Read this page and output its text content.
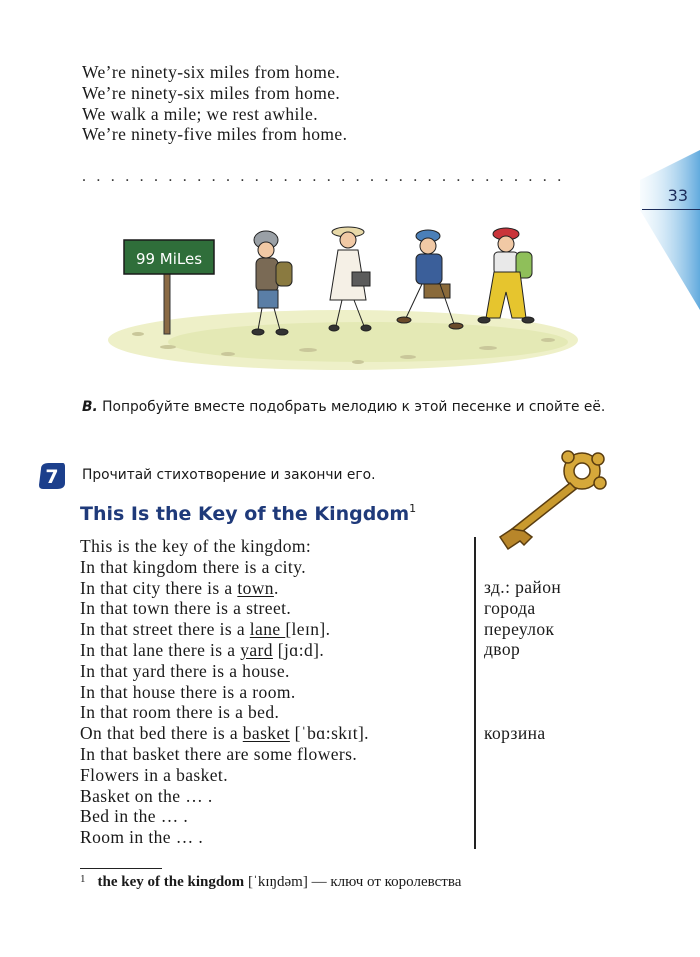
We’re ninety-six miles from home.
We’re ninety-six miles from home.
We walk a mile; we rest awhile.
We’re ninety-five miles from home.
. . . . . . . . . . . . . . . . . . . . . . . . . . . . . . . . . .
33
99 MiLes
B. Попробуйте вместе подобрать мелодию к этой песенке и спойте её.
7 Прочитай стихотворение и закончи его.
This Is the Key of the Kingdom$^1$
This is the key of the kingdom:
In that kingdom there is a city.
In that city there is a town.
In that town there is a street.
In that street there is a lane [leɪn].
In that lane there is a yard [jɑ:d].
In that yard there is a house.
In that house there is a room.
In that room there is a bed.
On that bed there is a basket [ˈbɑ:skɪt].
In that basket there are some flowers.
Flowers in a basket.
Basket on the … .
Bed in the … .
Room in the … .
зд.: район
города
переулок
двор
корзина
$^1$ the key of the kingdom [ˈkɪŋdəm] — ключ от королевства
